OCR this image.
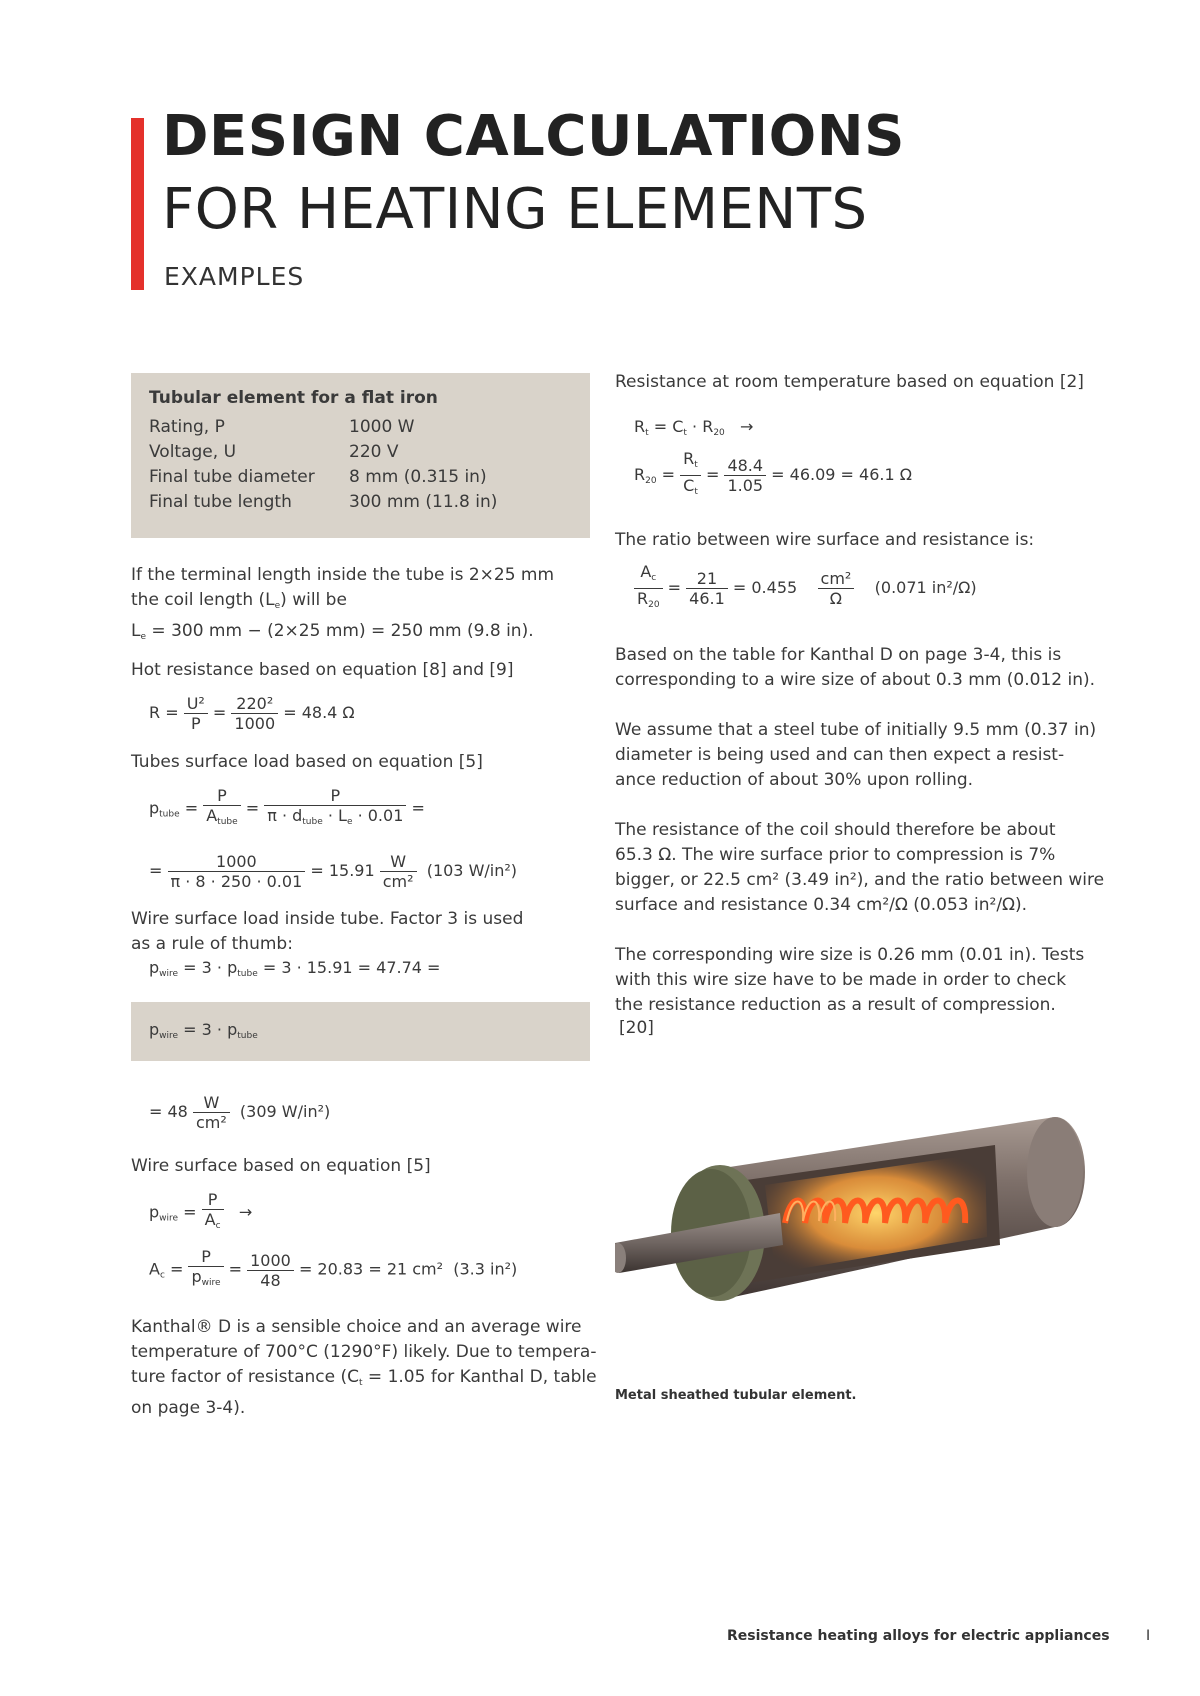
DESIGN CALCULATIONS
FOR HEATING ELEMENTS
EXAMPLES
Tubular element for a flat iron
Rating, P	1000 W
Voltage, U	220 V
Final tube diameter 8 mm (0.315 in)
Final tube length	300 mm (11.8 in)

If the terminal length inside the tube is 2×25 mm

the coil length $(L_e)$ will be

$L_e = 300$ mm − (2×25 mm) = 250 mm (9.8 in).

Hot resistance based on equation [8] and [9]
$R = \frac{\text{U²}}{P} = \frac{\text{220²}}{1000} = 48.4$ Ω
Tubes surface load based on equation [5]
$p_{tube} = \frac{P}{A_{tube}} = \frac{P}{\pi \cdot d_{tube} \cdot L_e \cdot 0.01}$ =
= $\frac{1000}{\pi \cdot 8 \cdot 250 \cdot 0.01} = 15.91 \frac{W}{\text{cm²}} (103$ W/in²)

Wire surface load inside tube. Factor 3 is used

as a rule of thumb:

$p_{wire} = 3 \cdot p_{tube} = 3 \cdot 15.91 = 47.74$ =
$p_{wire} = 3 \cdot p_{tube}$	[20]
= $48 \frac{W}{\text{cm²}} (309$ W/in²)
Wire surface based on equation [5]
$p_{wire} = \frac{P}{A_c}$ →
$A_c = \frac{P}{p_{wire}} = \frac{1000}{48} = 20.83 = 21$ cm² (3.3 in²)

Kanthal® D is a sensible choice and an average wire

temperature of 700°C (1290°F) likely. Due to tempera-

ture factor of resistance ($C_t = 1.05$ for Kanthal D, table

on page 3-4).

Resistance at room temperature based on equation [2]
$R_t = C_t \cdot R_{20}$ →
$R_{20} = \frac{R_t}{C_t} = \frac{48.4}{1.05} = 46.09 = 46.1$ Ω
The ratio between wire surface and resistance is:
$\frac{A_c}{R_{20}} = \frac{21}{46.1} = 0.455 \frac{\text{cm²}}{\Omega} (0.071$ in²/Ω)

Based on the table for Kanthal D on page 3-4, this is

corresponding to a wire size of about 0.3 mm (0.012 in).

We assume that a steel tube of initially 9.5 mm (0.37 in)

diameter is being used and can then expect a resist-

ance reduction of about 30% upon rolling.

The resistance of the coil should therefore be about

65.3 Ω. The wire surface prior to compression is 7%

bigger, or 22.5 cm² (3.49 in²), and the ratio between wire

surface and resistance 0.34 cm²/Ω (0.053 in²/Ω).

The corresponding wire size is 0.26 mm (0.01 in). Tests

with this wire size have to be made in order to check

the resistance reduction as a result of compression.

Metal sheathed tubular element.
Resistance heating alloys for electric appliances	I
